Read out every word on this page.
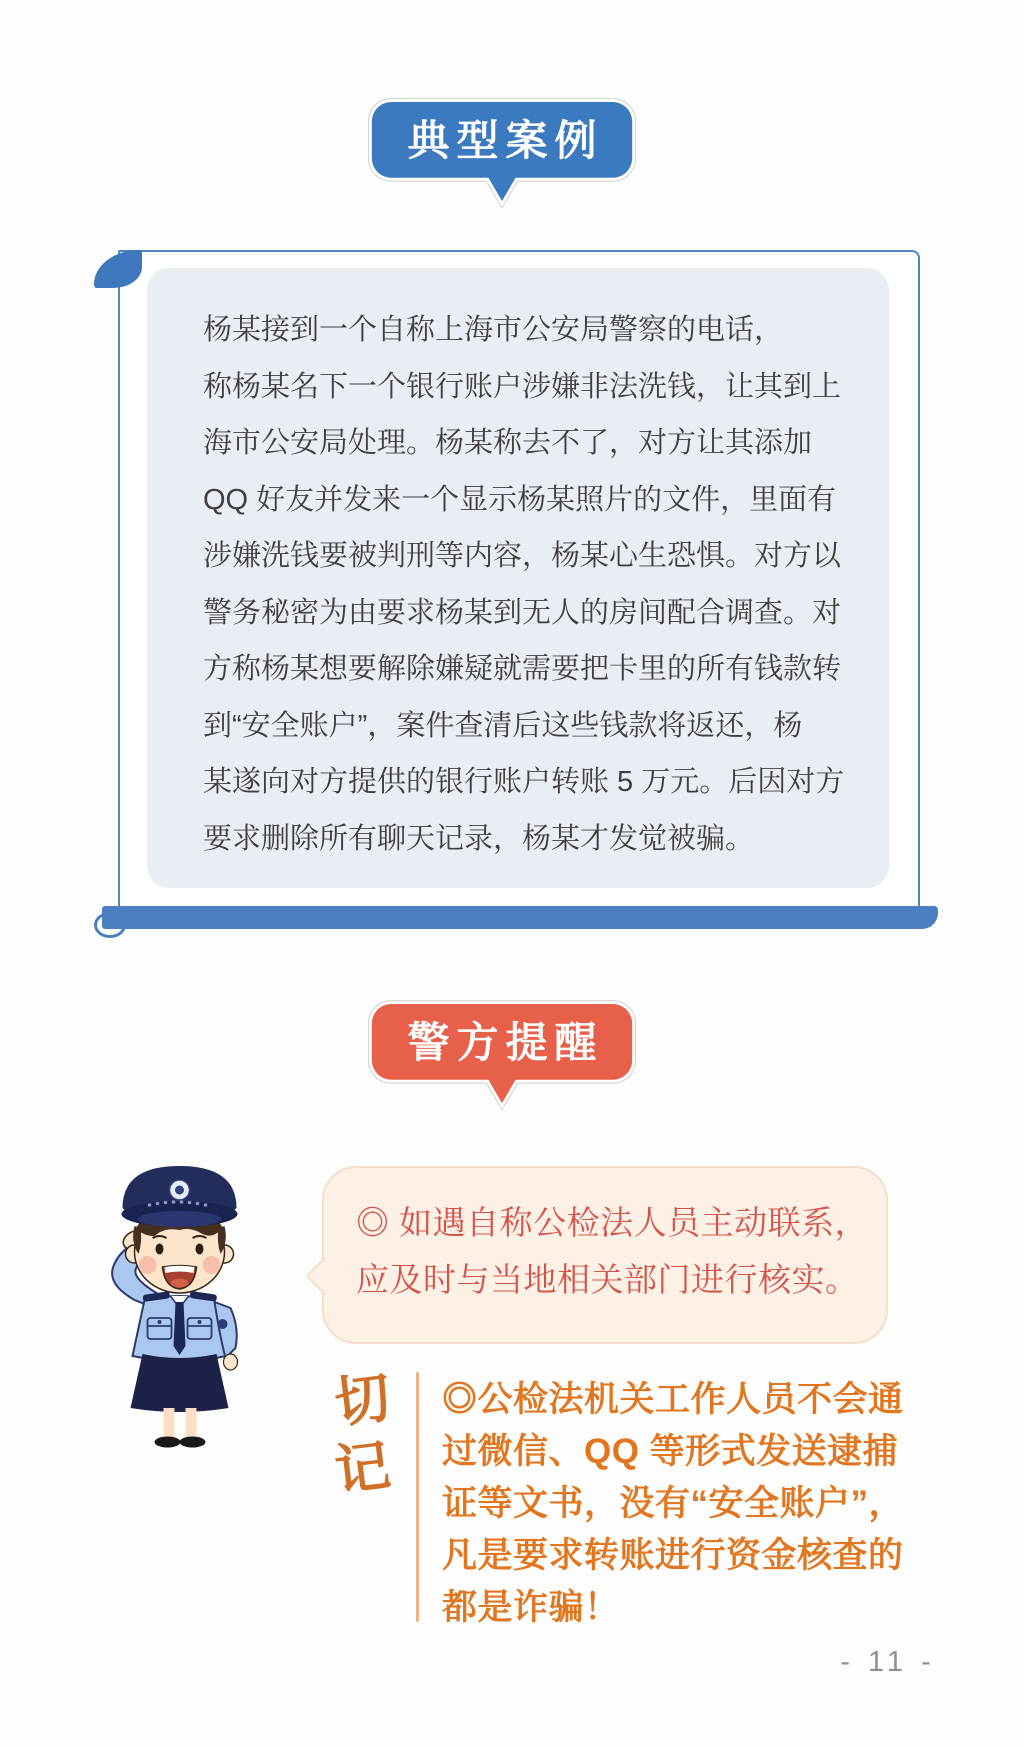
典型案例
杨某接到一个自称上海市公安局警察的电话，
称杨某名下一个银行账户涉嫌非法洗钱，让其到上
海市公安局处理。杨某称去不了，对方让其添加
QQ 好友并发来一个显示杨某照片的文件，里面有
涉嫌洗钱要被判刑等内容，杨某心生恐惧。对方以
警务秘密为由要求杨某到无人的房间配合调查。对
方称杨某想要解除嫌疑就需要把卡里的所有钱款转
到“安全账户”，案件查清后这些钱款将返还，杨
某遂向对方提供的银行账户转账 5 万元。后因对方
要求删除所有聊天记录，杨某才发觉被骗。
警方提醒
◎ 如遇自称公检法人员主动联系，
应及时与当地相关部门进行核实。
切
记
◎公检法机关工作人员不会通
过微信、QQ 等形式发送逮捕
证等文书，没有“安全账户”，
凡是要求转账进行资金核查的
都是诈骗！
- 11 -
